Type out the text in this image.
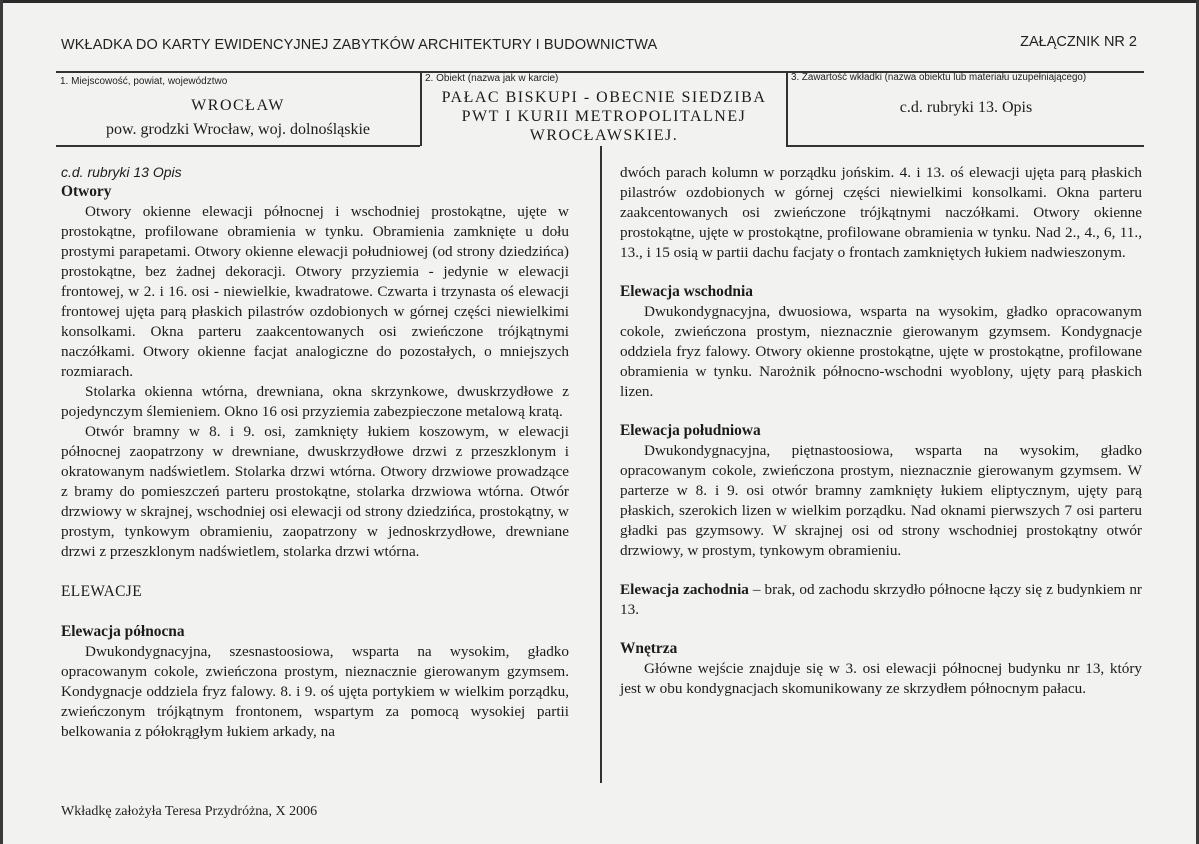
WKŁADKA DO KARTY EWIDENCYJNEJ ZABYTKÓW ARCHITEKTURY I BUDOWNICTWA	ZAŁĄCZNIK NR 2
1. Miejscowość, powiat, województwo
WROCŁAW
pow. grodzki Wrocław, woj. dolnośląskie
2. Obiekt (nazwa jak w karcie)
PAŁAC BISKUPI - OBECNIE SIEDZIBA
PWT I KURII METROPOLITALNEJ
WROCŁAWSKIEJ.
3. Zawartość wkładki (nazwa obiektu lub materiału uzupełniającego)
c.d. rubryki 13. Opis

c.d. rubryki 13 Opis

Otwory

Otwory okienne elewacji północnej i wschodniej prostokątne, ujęte w prostokątne, profilowane obramienia w tynku. Obramienia zamknięte u dołu prostymi parapetami. Otwory okienne elewacji południowej (od strony dziedzińca) prostokątne, bez żadnej dekoracji. Otwory przyziemia - jedynie w elewacji frontowej, w 2. i 16. osi - niewielkie, kwadratowe. Czwarta i trzynasta oś elewacji frontowej ujęta parą płaskich pilastrów ozdobionych w górnej części niewielkimi konsolkami. Okna parteru zaakcentowanych osi zwieńczone trójkątnymi naczółkami. Otwory okienne facjat analogiczne do pozostałych, o mniejszych rozmiarach.

Stolarka okienna wtórna, drewniana, okna skrzynkowe, dwuskrzydłowe z pojedynczym ślemieniem. Okno 16 osi przyziemia zabezpieczone metalową kratą.

Otwór bramny w 8. i 9. osi, zamknięty łukiem koszowym, w elewacji północnej zaopatrzony w drewniane, dwuskrzydłowe drzwi z przeszklonym i okratowanym nadświetlem. Stolarka drzwi wtórna. Otwory drzwiowe prowadzące z bramy do pomieszczeń parteru prostokątne, stolarka drzwiowa wtórna. Otwór drzwiowy w skrajnej, wschodniej osi elewacji od strony dziedzińca, prostokątny, w prostym, tynkowym obramieniu, zaopatrzony w jednoskrzydłowe, drewniane drzwi z przeszklonym nadświetlem, stolarka drzwi wtórna.

ELEWACJE

Elewacja północna

Dwukondygnacyjna, szesnastoosiowa, wsparta na wysokim, gładko opracowanym cokole, zwieńczona prostym, nieznacznie gierowanym gzymsem. Kondygnacje oddziela fryz falowy. 8. i 9. oś ujęta portykiem w wielkim porządku, zwieńczonym trójkątnym frontonem, wspartym za pomocą wysokiej partii belkowania z półokrągłym łukiem arkady, na

dwóch parach kolumn w porządku jońskim. 4. i 13. oś elewacji ujęta parą płaskich pilastrów ozdobionych w górnej części niewielkimi konsolkami. Okna parteru zaakcentowanych osi zwieńczone trójkątnymi naczółkami. Otwory okienne prostokątne, ujęte w prostokątne, profilowane obramienia w tynku. Nad 2., 4., 6, 11., 13., i 15 osią w partii dachu facjaty o frontach zamkniętych łukiem nadwieszonym.

Elewacja wschodnia

Dwukondygnacyjna, dwuosiowa, wsparta na wysokim, gładko opracowanym cokole, zwieńczona prostym, nieznacznie gierowanym gzymsem. Kondygnacje oddziela fryz falowy. Otwory okienne prostokątne, ujęte w prostokątne, profilowane obramienia w tynku. Narożnik północno-wschodni wyoblony, ujęty parą płaskich lizen.

Elewacja południowa

Dwukondygnacyjna, piętnastoosiowa, wsparta na wysokim, gładko opracowanym cokole, zwieńczona prostym, nieznacznie gierowanym gzymsem. W parterze w 8. i 9. osi otwór bramny zamknięty łukiem eliptycznym, ujęty parą płaskich, szerokich lizen w wielkim porządku. Nad oknami pierwszych 7 osi parteru gładki pas gzymsowy. W skrajnej osi od strony wschodniej prostokątny otwór drzwiowy, w prostym, tynkowym obramieniu.

Elewacja zachodnia – brak, od zachodu skrzydło północne łączy się z budynkiem nr 13.

Wnętrza

Główne wejście znajduje się w 3. osi elewacji północnej budynku nr 13, który jest w obu kondygnacjach skomunikowany ze skrzydłem północnym pałacu.

Wkładkę założyła Teresa Przydróżna, X 2006
